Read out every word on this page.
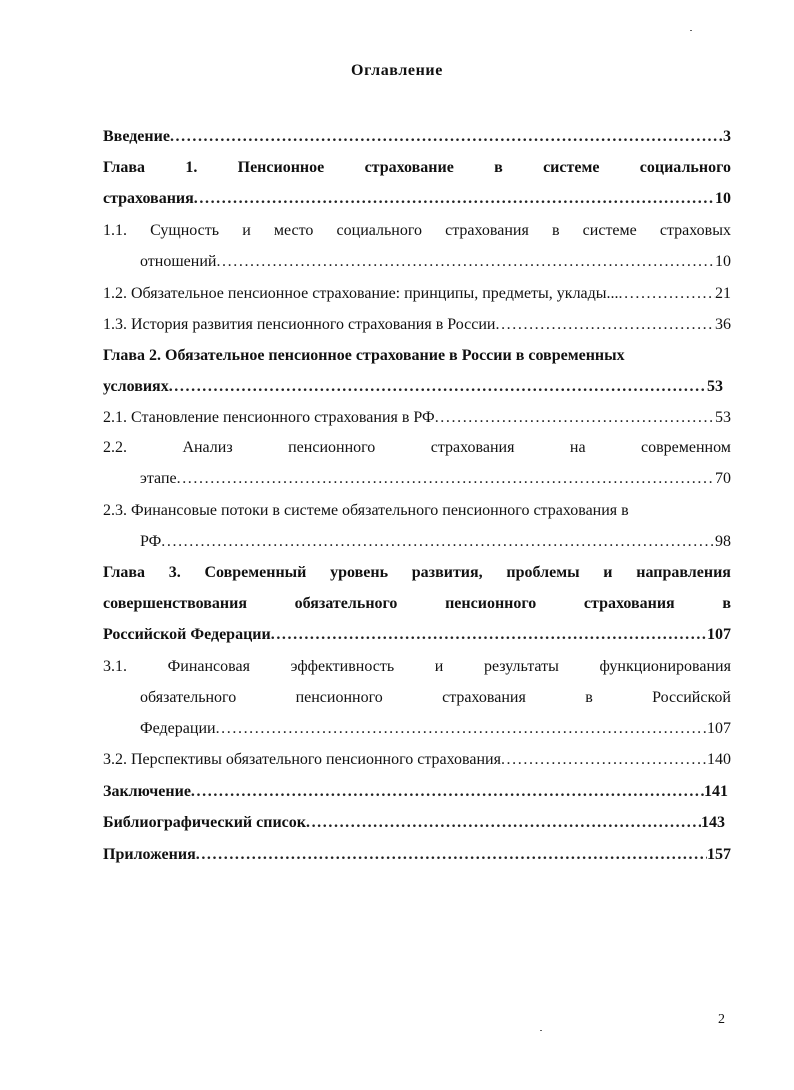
Оглавление
Введение . . .	3
Глава	1.	Пенсионное	страхование	в	системе	социального
страхования . . .	10
1.1. Сущность и место социального страхования в системе страховых
отношений . . .	10
1.2. Обязательное пенсионное страхование: принципы, предметы, уклады... . . .	21
1.3. История развития пенсионного страхования в России . . .	36
Глава 2. Обязательное пенсионное страхование в России в современных
условиях . . .	53
2.1. Становление пенсионного страхования в РФ . . .	53
2.2.	Анализ	пенсионного	страхования	на	современном
этапе . . .	70
2.3. Финансовые потоки в системе обязательного пенсионного страхования в
РФ . . .	98
Глава 3. Современный уровень развития, проблемы и направления
совершенствования	обязательного	пенсионного	страхования	в
Российской Федерации . . .	107
3.1.	Финансовая	эффективность	и	результаты	функционирования
обязательного	пенсионного	страхования	в	Российской
Федерации . . .	107
3.2. Перспективы обязательного пенсионного страхования . . .	140
Заключение . . .	141
Библиографический список . . .	143
Приложения . . .	157
2
